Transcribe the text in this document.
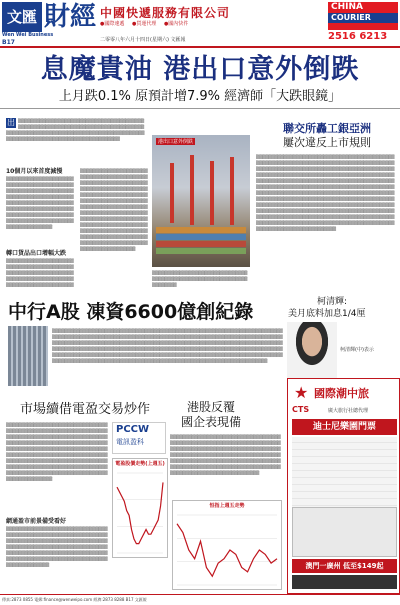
文匯 財經
Wen Wei Business
B17
中國快遞服務有限公司
●國際速遞 ●貨運代理 ●國內快件
CHINA
COURIER
2516 6213
二零零八年六月十四日(星期六) 文匯報
息魔貴油 港出口意外倒跌
上月跌0.1% 原預計增7.9% 經濟師「大跌眼鏡」
出 ▒▒▒▒▒▒▒▒▒▒▒▒▒▒▒▒▒▒▒▒▒▒▒▒▒▒▒▒▒▒▒▒▒▒▒▒▒▒▒▒▒▒▒▒▒▒▒▒▒▒▒▒▒▒▒▒▒▒▒▒▒▒▒▒▒▒▒▒▒▒▒▒▒▒▒▒▒▒▒▒▒▒▒▒▒▒▒▒▒▒▒▒▒▒▒▒▒▒▒▒▒▒▒▒▒▒▒▒▒▒▒▒▒▒▒▒▒▒▒▒▒▒▒▒▒▒▒▒▒▒▒▒▒▒▒▒▒▒▒▒▒▒▒▒▒▒▒▒▒▒▒▒▒▒▒▒▒▒▒▒▒▒▒▒
10個月以來首度減慢
▒▒▒▒▒▒▒▒▒▒▒▒▒▒▒▒▒▒▒▒▒▒▒▒▒▒▒▒▒▒▒▒▒▒▒▒▒▒▒▒▒▒▒▒▒▒▒▒▒▒▒▒▒▒▒▒▒▒▒▒▒▒▒▒▒▒▒▒▒▒▒▒▒▒▒▒▒▒▒▒▒▒▒▒▒▒▒▒▒▒▒▒▒▒▒▒▒▒▒▒▒▒▒▒▒▒▒▒▒▒▒▒▒▒▒▒▒▒▒▒▒▒▒▒▒▒▒▒▒▒▒▒▒▒▒▒▒▒▒▒▒▒▒▒▒▒▒▒▒▒▒▒▒▒▒▒▒▒▒▒▒▒▒▒▒▒▒▒▒▒▒▒▒▒▒▒▒▒▒▒▒▒▒▒▒▒▒▒▒▒▒
轉口貨品出口增幅大跌
▒▒▒▒▒▒▒▒▒▒▒▒▒▒▒▒▒▒▒▒▒▒▒▒▒▒▒▒▒▒▒▒▒▒▒▒▒▒▒▒▒▒▒▒▒▒▒▒▒▒▒▒▒▒▒▒▒▒▒▒▒▒▒▒▒▒▒▒▒▒▒▒▒▒▒▒▒▒▒▒▒▒▒▒▒▒▒▒▒▒▒▒▒▒▒▒▒▒▒▒▒▒▒▒▒▒▒▒▒▒
▒▒▒▒▒▒▒▒▒▒▒▒▒▒▒▒▒▒▒▒▒▒▒▒▒▒▒▒▒▒▒▒▒▒▒▒▒▒▒▒▒▒▒▒▒▒▒▒▒▒▒▒▒▒▒▒▒▒▒▒▒▒▒▒▒▒▒▒▒▒▒▒▒▒▒▒▒▒▒▒▒▒▒▒▒▒▒▒▒▒▒▒▒▒▒▒▒▒▒▒▒▒▒▒▒▒▒▒▒▒▒▒▒▒▒▒▒▒▒▒▒▒▒▒▒▒▒▒▒▒▒▒▒▒▒▒▒▒▒▒▒▒▒▒▒▒▒▒▒▒▒▒▒▒▒▒▒▒▒▒▒▒▒▒▒▒▒▒▒▒▒▒▒▒▒▒▒▒▒▒▒▒▒▒▒▒▒▒▒▒▒▒▒▒▒▒▒▒▒▒▒▒▒▒▒▒▒▒▒▒▒▒▒▒▒▒▒▒▒▒▒▒▒▒▒▒▒▒▒▒▒▒▒▒▒▒▒▒▒▒▒▒▒▒▒▒▒▒▒▒▒▒▒▒▒▒▒▒▒▒▒▒▒▒▒▒▒▒▒▒▒▒▒▒▒▒▒▒▒▒▒▒▒▒▒▒▒▒▒▒▒▒▒▒▒▒▒▒▒▒▒▒▒▒
港出口意外倒跌
▒▒▒▒▒▒▒▒▒▒▒▒▒▒▒▒▒▒▒▒▒▒▒▒▒▒▒▒▒▒▒▒▒▒▒▒▒▒▒▒▒▒▒▒▒▒▒▒▒▒▒▒▒▒▒▒▒▒▒▒▒▒▒▒▒▒▒▒▒▒
中行A股 凍資6600億創紀錄
▒▒▒▒▒▒▒▒▒▒▒▒▒▒▒▒▒▒▒▒▒▒▒▒▒▒▒▒▒▒▒▒▒▒▒▒▒▒▒▒▒▒▒▒▒▒▒▒▒▒▒▒▒▒▒▒▒▒▒▒▒▒▒▒▒▒▒▒▒▒▒▒▒▒▒▒▒▒▒▒▒▒▒▒▒▒▒▒▒▒▒▒▒▒▒▒▒▒▒▒▒▒▒▒▒▒▒▒▒▒▒▒▒▒▒▒▒▒▒▒▒▒▒▒▒▒▒▒▒▒▒▒▒▒▒▒▒▒▒▒▒▒▒▒▒▒▒▒▒▒▒▒▒▒▒▒▒▒▒▒▒▒▒▒▒▒▒▒▒▒▒▒▒▒▒▒▒▒▒▒▒▒▒▒▒▒▒▒▒▒▒▒▒▒▒▒▒▒▒▒▒▒▒▒▒▒▒▒▒▒▒▒▒▒▒▒▒▒▒▒▒▒▒▒▒▒▒▒▒▒▒▒▒▒▒▒▒▒▒▒▒▒▒▒▒▒▒▒▒▒▒▒▒▒▒▒▒▒▒▒▒▒▒▒▒▒▒▒▒▒▒▒▒▒▒▒▒▒▒▒▒▒▒▒▒▒▒▒▒▒▒▒▒▒▒▒▒▒▒▒▒▒▒▒▒▒▒▒▒▒▒▒▒▒▒▒▒▒▒▒▒▒▒▒▒▒▒▒▒▒▒▒▒▒▒▒▒▒▒▒▒▒▒▒▒▒▒▒▒▒▒▒▒▒▒▒▒▒▒▒▒▒▒▒▒▒▒▒▒▒▒▒▒▒▒▒▒▒▒▒▒▒▒▒▒▒▒▒▒▒▒▒▒▒▒▒▒▒▒▒▒▒▒▒▒▒▒▒▒▒▒▒▒▒▒▒▒▒▒▒▒▒▒▒▒▒▒▒▒▒▒▒▒▒▒▒▒▒▒▒▒▒▒▒▒
市場續借電盈交易炒作
PCCW
電訊盈科
▒▒▒▒▒▒▒▒▒▒▒▒▒▒▒▒▒▒▒▒▒▒▒▒▒▒▒▒▒▒▒▒▒▒▒▒▒▒▒▒▒▒▒▒▒▒▒▒▒▒▒▒▒▒▒▒▒▒▒▒▒▒▒▒▒▒▒▒▒▒▒▒▒▒▒▒▒▒▒▒▒▒▒▒▒▒▒▒▒▒▒▒▒▒▒▒▒▒▒▒▒▒▒▒▒▒▒▒▒▒▒▒▒▒▒▒▒▒▒▒▒▒▒▒▒▒▒▒▒▒▒▒▒▒▒▒▒▒▒▒▒▒▒▒▒▒▒▒▒▒▒▒▒▒▒▒▒▒▒▒▒▒▒▒▒▒▒▒▒▒▒▒▒▒▒▒▒▒▒▒▒▒▒▒▒▒▒▒▒▒▒▒▒▒▒▒▒▒▒▒▒▒▒▒▒▒▒▒▒▒▒▒▒▒▒▒▒▒▒▒▒▒▒▒▒▒▒▒▒▒▒▒▒▒▒▒▒▒▒▒▒▒▒▒▒▒▒▒▒▒▒▒▒▒▒▒▒▒▒▒▒▒▒▒▒▒▒▒▒▒▒▒▒▒▒▒▒▒▒▒▒▒▒▒▒▒▒▒▒▒▒▒▒▒▒▒▒▒▒▒▒▒▒▒▒▒▒▒▒▒▒▒
網通盈市前景備受看好
▒▒▒▒▒▒▒▒▒▒▒▒▒▒▒▒▒▒▒▒▒▒▒▒▒▒▒▒▒▒▒▒▒▒▒▒▒▒▒▒▒▒▒▒▒▒▒▒▒▒▒▒▒▒▒▒▒▒▒▒▒▒▒▒▒▒▒▒▒▒▒▒▒▒▒▒▒▒▒▒▒▒▒▒▒▒▒▒▒▒▒▒▒▒▒▒▒▒▒▒▒▒▒▒▒▒▒▒▒▒▒▒▒▒▒▒▒▒▒▒▒▒▒▒▒▒▒▒▒▒▒▒▒▒▒▒▒▒▒▒▒▒▒▒▒▒▒▒▒▒▒▒▒▒▒▒▒▒▒▒▒▒▒▒▒▒▒▒▒▒▒▒▒▒▒▒▒▒▒▒▒▒▒▒▒▒▒▒▒▒▒▒▒▒▒▒▒▒▒▒▒▒▒▒▒▒▒▒▒▒▒▒
電盈股價走勢(上週五)
港股反覆
國企表現備
▒▒▒▒▒▒▒▒▒▒▒▒▒▒▒▒▒▒▒▒▒▒▒▒▒▒▒▒▒▒▒▒▒▒▒▒▒▒▒▒▒▒▒▒▒▒▒▒▒▒▒▒▒▒▒▒▒▒▒▒▒▒▒▒▒▒▒▒▒▒▒▒▒▒▒▒▒▒▒▒▒▒▒▒▒▒▒▒▒▒▒▒▒▒▒▒▒▒▒▒▒▒▒▒▒▒▒▒▒▒▒▒▒▒▒▒▒▒▒▒▒▒▒▒▒▒▒▒▒▒▒▒▒▒▒▒▒▒▒▒▒▒▒▒▒▒▒▒▒▒▒▒▒▒▒▒▒▒▒▒▒▒▒▒▒▒▒▒▒▒▒▒▒▒▒▒▒▒▒▒▒▒▒▒▒▒▒▒▒▒▒▒▒▒▒▒▒▒▒▒▒▒▒▒▒▒▒▒▒▒▒▒▒▒▒▒▒▒▒▒▒▒▒▒▒▒▒▒▒▒▒▒▒▒▒▒▒▒▒▒▒▒▒▒▒
恒指上週五走勢
聯交所轟工銀亞洲
屢次違反上市規則
▒▒▒▒▒▒▒▒▒▒▒▒▒▒▒▒▒▒▒▒▒▒▒▒▒▒▒▒▒▒▒▒▒▒▒▒▒▒▒▒▒▒▒▒▒▒▒▒▒▒▒▒▒▒▒▒▒▒▒▒▒▒▒▒▒▒▒▒▒▒▒▒▒▒▒▒▒▒▒▒▒▒▒▒▒▒▒▒▒▒▒▒▒▒▒▒▒▒▒▒▒▒▒▒▒▒▒▒▒▒▒▒▒▒▒▒▒▒▒▒▒▒▒▒▒▒▒▒▒▒▒▒▒▒▒▒▒▒▒▒▒▒▒▒▒▒▒▒▒▒▒▒▒▒▒▒▒▒▒▒▒▒▒▒▒▒▒▒▒▒▒▒▒▒▒▒▒▒▒▒▒▒▒▒▒▒▒▒▒▒▒▒▒▒▒▒▒▒▒▒▒▒▒▒▒▒▒▒▒▒▒▒▒▒▒▒▒▒▒▒▒▒▒▒▒▒▒▒▒▒▒▒▒▒▒▒▒▒▒▒▒▒▒▒▒▒▒▒▒▒▒▒▒▒▒▒▒▒▒▒▒▒▒▒▒▒▒▒▒▒▒▒▒▒▒▒▒▒▒▒▒▒▒▒▒▒▒▒▒▒▒▒▒▒▒▒▒▒▒▒▒▒▒▒▒▒▒▒▒▒▒▒▒▒▒▒▒▒▒▒▒▒▒▒▒▒▒▒▒▒▒▒▒▒▒▒▒▒▒▒▒▒▒▒▒▒▒▒▒▒▒▒▒▒▒▒▒▒▒▒▒▒▒▒▒▒▒▒▒▒▒▒▒▒▒▒▒▒▒▒▒▒▒▒▒▒▒▒▒▒▒▒▒▒▒▒▒▒▒▒▒▒▒▒▒▒▒▒▒▒▒▒▒▒▒▒▒▒▒▒▒▒▒▒▒▒▒▒▒▒▒▒▒▒▒▒▒▒▒▒▒▒▒▒▒▒▒▒▒▒▒▒▒▒▒▒▒▒▒▒▒▒▒▒▒▒▒▒▒▒▒▒▒▒▒▒▒▒▒▒▒▒▒▒▒▒▒▒▒▒▒▒▒▒▒▒▒▒▒▒▒▒▒▒▒▒▒▒▒▒▒▒▒▒▒▒▒▒▒▒▒▒▒▒▒▒▒▒▒▒▒▒▒▒▒▒▒▒▒▒▒▒▒▒▒▒▒▒▒▒▒▒▒▒▒▒▒▒▒▒▒▒▒▒▒▒
柯清輝:
美月底料加息1/4厘
柯清輝(中)表示
★ 國際潮中旅
CTS	廣大旅行社總代理
迪士尼樂園門票
澳門一廣州 低至$149起
傳真:2873 0855 電郵:finance@wenweipo.com 經濟:2873 8288 B17 文匯報
